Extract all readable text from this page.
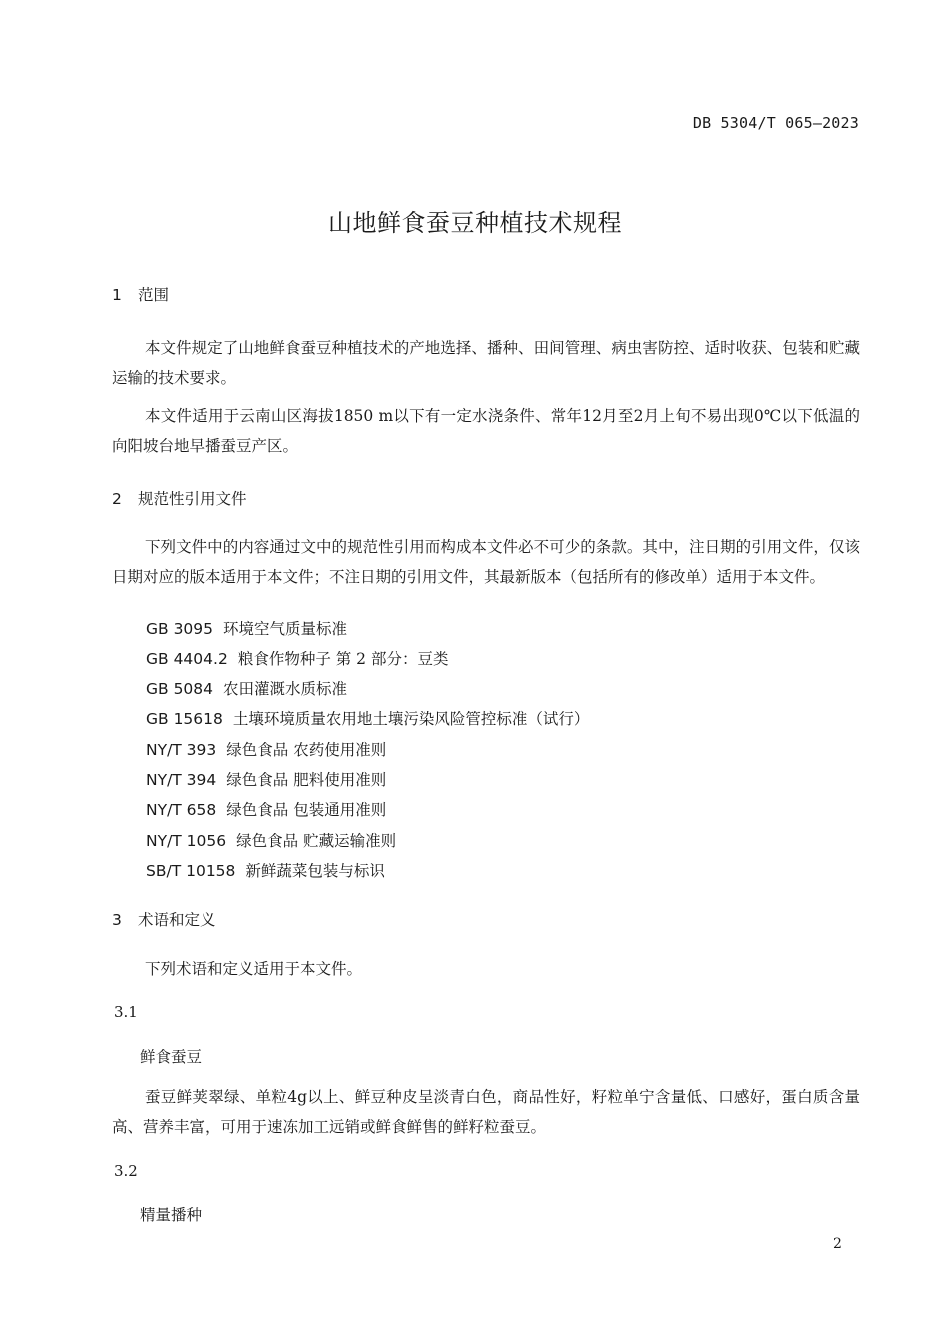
DB 5304/T 065—2023
山地鲜食蚕豆种植技术规程
1 范围
本文件规定了山地鲜食蚕豆种植技术的产地选择、播种、田间管理、病虫害防控、适时收获、包装和贮藏运输的技术要求。
本文件适用于云南山区海拔1850 m以下有一定水浇条件、常年12月至2月上旬不易出现0℃以下低温的向阳坡台地早播蚕豆产区。
2 规范性引用文件
下列文件中的内容通过文中的规范性引用而构成本文件必不可少的条款。其中，注日期的引用文件，仅该日期对应的版本适用于本文件；不注日期的引用文件，其最新版本（包括所有的修改单）适用于本文件。
GB 3095 环境空气质量标准
GB 4404.2 粮食作物种子 第 2 部分：豆类
GB 5084 农田灌溉水质标准
GB 15618 土壤环境质量农用地土壤污染风险管控标准（试行）
NY/T 393 绿色食品 农药使用准则
NY/T 394 绿色食品 肥料使用准则
NY/T 658 绿色食品 包装通用准则
NY/T 1056 绿色食品 贮藏运输准则
SB/T 10158 新鲜蔬菜包装与标识
3 术语和定义
下列术语和定义适用于本文件。
3.1
鲜食蚕豆
蚕豆鲜荚翠绿、单粒4g以上、鲜豆种皮呈淡青白色，商品性好，籽粒单宁含量低、口感好，蛋白质含量高、营养丰富，可用于速冻加工远销或鲜食鲜售的鲜籽粒蚕豆。
3.2
精量播种
2
